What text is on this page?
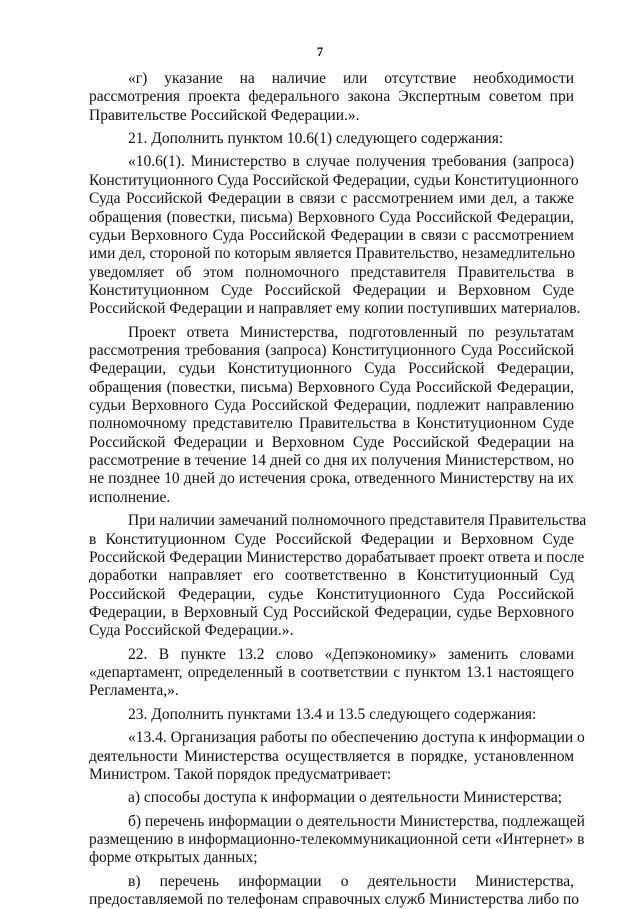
7
«г) указание на наличие или отсутствие необходимости
рассмотрения проекта федерального закона Экспертным советом при
Правительстве Российской Федерации.».
21. Дополнить пунктом 10.6(1) следующего содержания:
«10.6(1). Министерство в случае получения требования (запроса)
Конституционного Суда Российской Федерации, судьи Конституционного
Суда Российской Федерации в связи с рассмотрением ими дел, а также
обращения (повестки, письма) Верховного Суда Российской Федерации,
судьи Верховного Суда Российской Федерации в связи с рассмотрением
ими дел, стороной по которым является Правительство, незамедлительно
уведомляет об этом полномочного представителя Правительства в
Конституционном Суде Российской Федерации и Верховном Суде
Российской Федерации и направляет ему копии поступивших материалов.
Проект ответа Министерства, подготовленный по результатам
рассмотрения требования (запроса) Конституционного Суда Российской
Федерации, судьи Конституционного Суда Российской Федерации,
обращения (повестки, письма) Верховного Суда Российской Федерации,
судьи Верховного Суда Российской Федерации, подлежит направлению
полномочному представителю Правительства в Конституционном Суде
Российской Федерации и Верховном Суде Российской Федерации на
рассмотрение в течение 14 дней со дня их получения Министерством, но
не позднее 10 дней до истечения срока, отведенного Министерству на их
исполнение.
При наличии замечаний полномочного представителя Правительства
в Конституционном Суде Российской Федерации и Верховном Суде
Российской Федерации Министерство дорабатывает проект ответа и после
доработки направляет его соответственно в Конституционный Суд
Российской Федерации, судье Конституционного Суда Российской
Федерации, в Верховный Суд Российской Федерации, судье Верховного
Суда Российской Федерации.».
22. В пункте 13.2 слово «Депэкономику» заменить словами
«департамент, определенный в соответствии с пунктом 13.1 настоящего
Регламента,».
23. Дополнить пунктами 13.4 и 13.5 следующего содержания:
«13.4. Организация работы по обеспечению доступа к информации о
деятельности Министерства осуществляется в порядке, установленном
Министром. Такой порядок предусматривает:
а) способы доступа к информации о деятельности Министерства;
б) перечень информации о деятельности Министерства, подлежащей
размещению в информационно-телекоммуникационной сети «Интернет» в
форме открытых данных;
в) перечень информации о деятельности Министерства,
предоставляемой по телефонам справочных служб Министерства либо по
